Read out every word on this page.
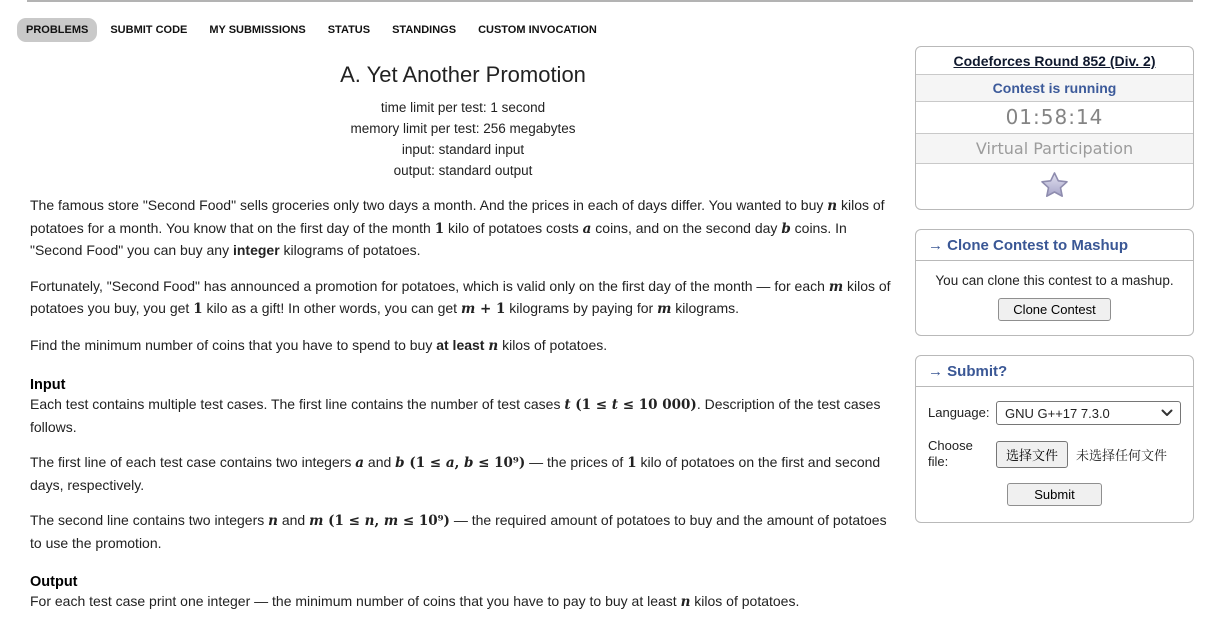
PROBLEMS SUBMIT CODE MY SUBMISSIONS STATUS STANDINGS CUSTOM INVOCATION
A. Yet Another Promotion
time limit per test: 1 second
memory limit per test: 256 megabytes
input: standard input
output: standard output

The famous store "Second Food" sells groceries only two days a month. And the prices in each of days differ. You wanted to buy n kilos of potatoes for a month. You know that on the first day of the month 1 kilo of potatoes costs a coins, and on the second day b coins. In "Second Food" you can buy any integer kilograms of potatoes.

Fortunately, "Second Food" has announced a promotion for potatoes, which is valid only on the first day of the month — for each m kilos of potatoes you buy, you get 1 kilo as a gift! In other words, you can get m + 1 kilograms by paying for m kilograms.

Find the minimum number of coins that you have to spend to buy at least n kilos of potatoes.

Input

Each test contains multiple test cases. The first line contains the number of test cases t (1 ≤ t ≤ 10 000). Description of the test cases follows.

The first line of each test case contains two integers a and b (1 ≤ a, b ≤ 10⁹) — the prices of 1 kilo of potatoes on the first and second days, respectively.

The second line contains two integers n and m (1 ≤ n, m ≤ 10⁹) — the required amount of potatoes to buy and the amount of potatoes to use the promotion.

Output

For each test case print one integer — the minimum number of coins that you have to pay to buy at least n kilos of potatoes.

Codeforces Round 852 (Div. 2)
Contest is running
01:58:14
Virtual Participation
→ Clone Contest to Mashup
You can clone this contest to a mashup.
Clone Contest
→ Submit?
Language:	GNU G++17 7.3.0
Choose file:	选择文件	未选择任何文件
Submit
